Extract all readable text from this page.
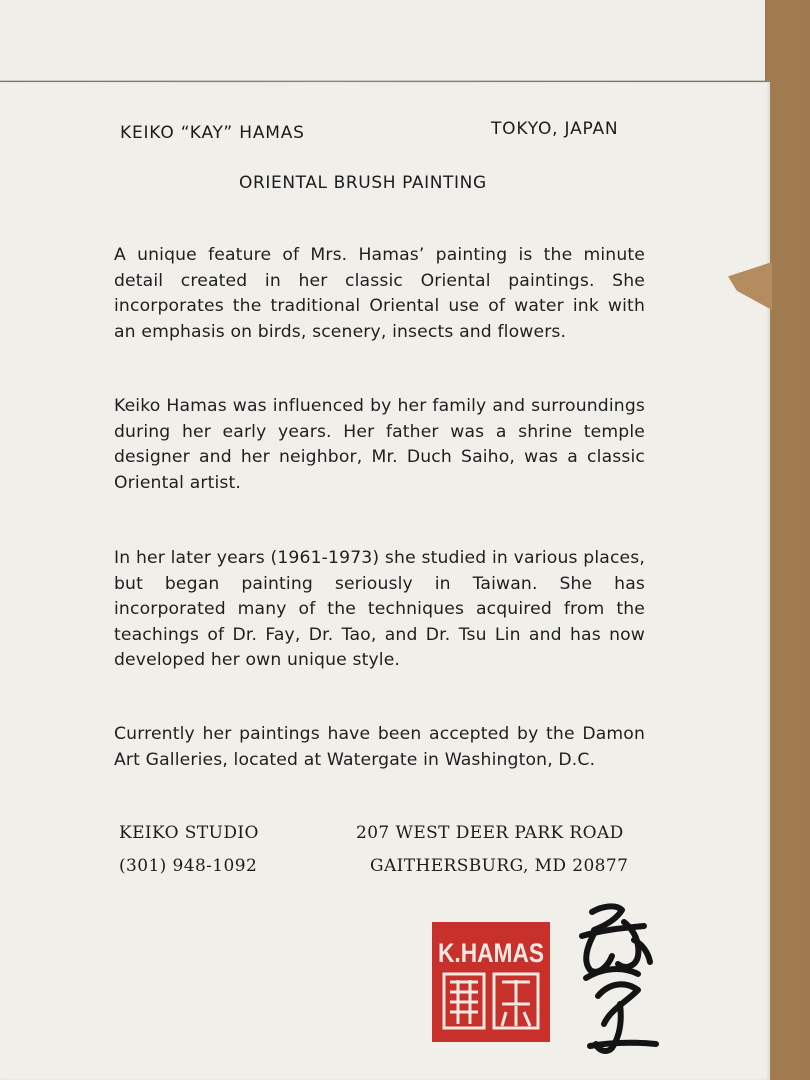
KEIKO “KAY” HAMAS	TOKYO, JAPAN
ORIENTAL BRUSH PAINTING
A unique feature of Mrs. Hamas’ painting is the minute detail created in her classic Oriental paintings. She incorporates the traditional Oriental use of water ink with an emphasis on birds, scenery, insects and flowers.
Keiko Hamas was influenced by her family and surroundings during her early years. Her father was a shrine temple designer and her neighbor, Mr. Duch Saiho, was a classic Oriental artist.
In her later years (1961-1973) she studied in various places, but began painting seriously in Taiwan. She has incorporated many of the techniques acquired from the teachings of Dr. Fay, Dr. Tao, and Dr. Tsu Lin and has now developed her own unique style.
Currently her paintings have been accepted by the Damon Art Galleries, located at Watergate in Washington, D.C.
KEIKO STUDIO
(301) 948-1092
207 WEST DEER PARK ROAD
GAITHERSBURG, MD 20877
K.HAMAS
